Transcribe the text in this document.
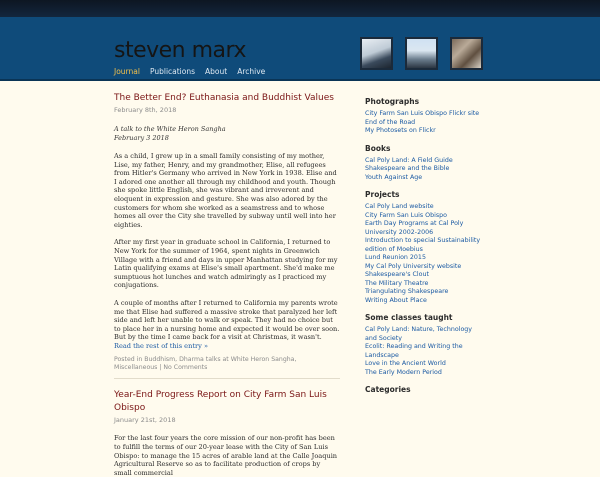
steven marx
Journal Publications About Archive
The Better End? Euthanasia and Buddhist Values
February 8th, 2018
A talk to the White Heron Sangha
February 3 2018

As a child, I grew up in a small family consisting of my mother, Lise, my father, Henry, and my grandmother, Elise, all refugees from Hitler's Germany who arrived in New York in 1938. Elise and I adored one another all through my childhood and youth. Though she spoke little English, she was vibrant and irreverent and eloquent in expression and gesture. She was also adored by the customers for whom she worked as a seamstress and to whose homes all over the City she travelled by subway until well into her eighties.

After my first year in graduate school in California, I returned to New York for the summer of 1964, spent nights in Greenwich Village with a friend and days in upper Manhattan studying for my Latin qualifying exams at Elise's small apartment. She'd make me sumptuous hot lunches and watch admiringly as I practiced my conjugations.

A couple of months after I returned to California my parents wrote me that Elise had suffered a massive stroke that paralyzed her left side and left her unable to walk or speak. They had no choice but to place her in a nursing home and expected it would be over soon. But by the time I came back for a visit at Christmas, it wasn't. Read the rest of this entry »

Posted in Buddhism, Dharma talks at White Heron Sangha, Miscellaneous | No Comments
Year-End Progress Report on City Farm San Luis Obispo
January 21st, 2018

For the last four years the core mission of our non-profit has been to fulfill the terms of our 20-year lease with the City of San Luis Obispo: to manage the 15 acres of arable land at the Calle Joaquin Agricultural Reserve so as to facilitate production of crops by small commercial

Photographs
City Farm San Luis Obispo Flickr site
End of the Road
My Photosets on Flickr
Books
Cal Poly Land: A Field Guide
Shakespeare and the Bible
Youth Against Age
Projects
Cal Poly Land website
City Farm San Luis Obispo
Earth Day Programs at Cal Poly University 2002-2006
Introduction to special Sustainability edition of Moebius
Lund Reunion 2015
My Cal Poly University website
Shakespeare's Clout
The Military Theatre
Triangulating Shakespeare
Writing About Place
Some classes taught
Cal Poly Land: Nature, Technology and Society
Ecolit: Reading and Writing the Landscape
Love in the Ancient World
The Early Modern Period
Categories
